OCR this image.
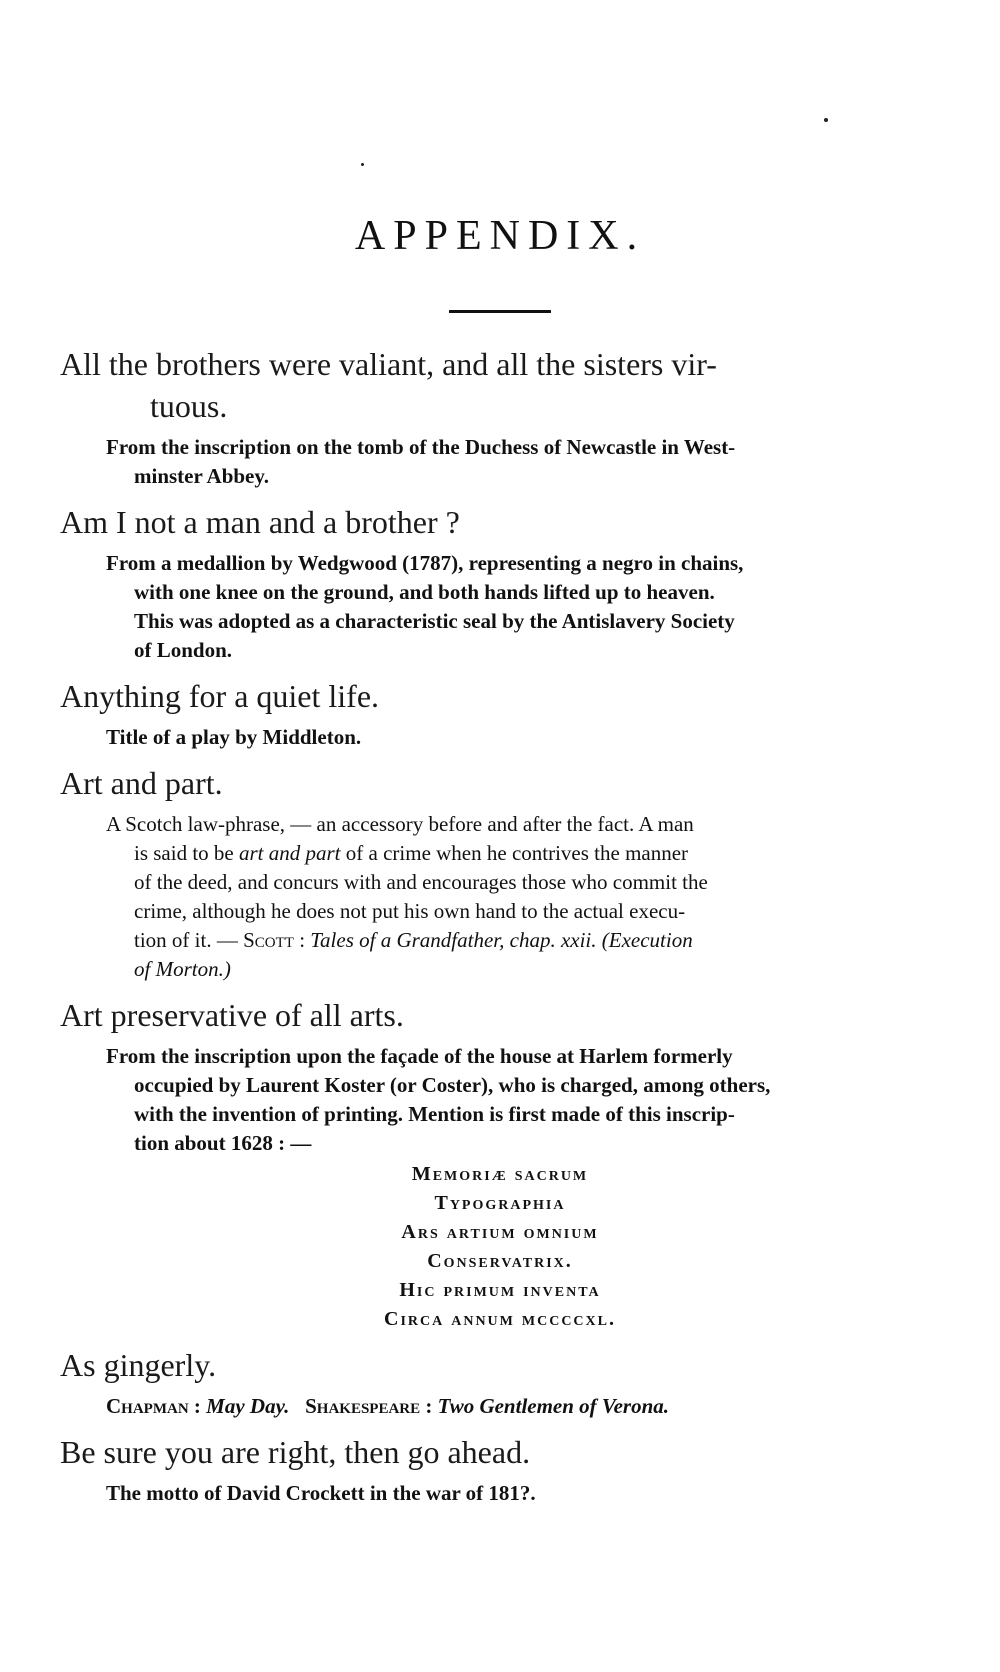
APPENDIX.
All the brothers were valiant, and all the sisters vir-
tuous.
From the inscription on the tomb of the Duchess of Newcastle in West-
minster Abbey.
Am I not a man and a brother ?
From a medallion by Wedgwood (1787), representing a negro in chains,
with one knee on the ground, and both hands lifted up to heaven.
This was adopted as a characteristic seal by the Antislavery Society
of London.
Anything for a quiet life.
Title of a play by Middleton.
Art and part.
A Scotch law-phrase, — an accessory before and after the fact. A man
is said to be art and part of a crime when he contrives the manner
of the deed, and concurs with and encourages those who commit the
crime, although he does not put his own hand to the actual execu-
tion of it. — Scott : Tales of a Grandfather, chap. xxii. (Execution
of Morton.)
Art preservative of all arts.
From the inscription upon the façade of the house at Harlem formerly
occupied by Laurent Koster (or Coster), who is charged, among others,
with the invention of printing. Mention is first made of this inscrip-
tion about 1628 : —
Memoriæ sacrum
Typographia
Ars artium omnium
Conservatrix.
Hic primum inventa
Circa annum mccccxl.
As gingerly.
Chapman : May Day. Shakespeare : Two Gentlemen of Verona.
Be sure you are right, then go ahead.
The motto of David Crockett in the war of 181?.
